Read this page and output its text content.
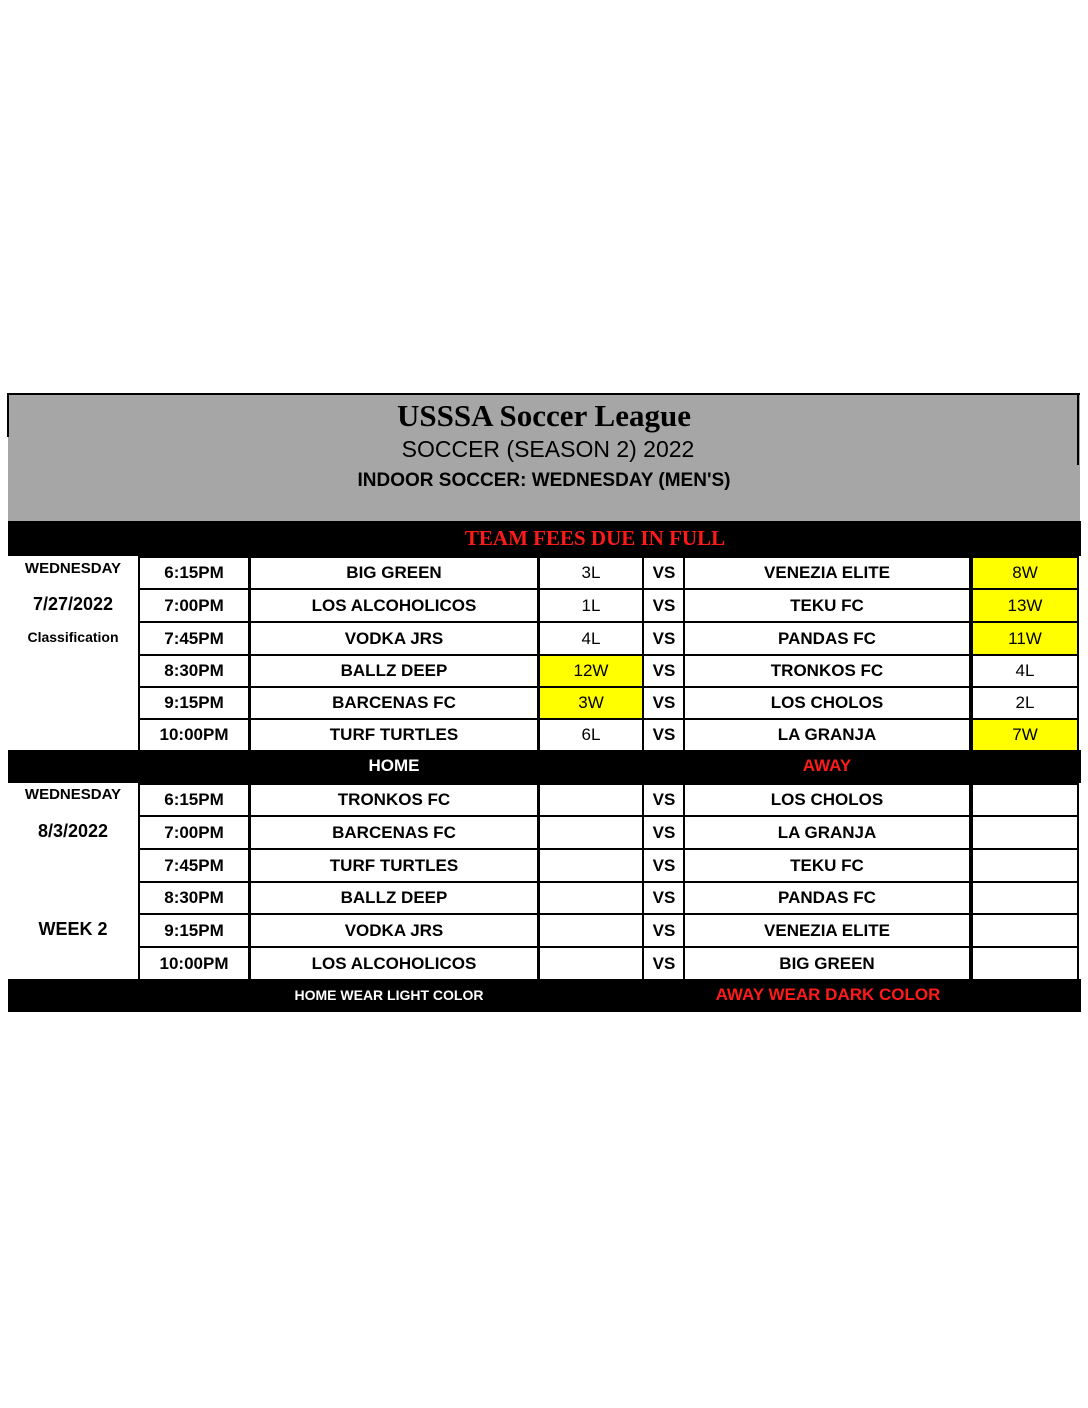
USSSA Soccer League
SOCCER (SEASON 2) 2022
INDOOR SOCCER: WEDNESDAY (MEN'S)
TEAM FEES DUE IN FULL
WEDNESDAY
7/27/2022
Classification
6:15PM	BIG GREEN	3L	VS	VENEZIA ELITE	8W
7:00PM	LOS ALCOHOLICOS	1L	VS	TEKU FC	13W
7:45PM	VODKA JRS	4L	VS	PANDAS FC	11W
8:30PM	BALLZ DEEP	12W	VS	TRONKOS FC	4L
9:15PM	BARCENAS FC	3W	VS	LOS CHOLOS	2L
10:00PM	TURF TURTLES	6L	VS	LA GRANJA	7W
HOME	AWAY
WEDNESDAY
8/3/2022
WEEK 2
6:15PM	TRONKOS FC	VS	LOS CHOLOS
7:00PM	BARCENAS FC	VS	LA GRANJA
7:45PM	TURF TURTLES	VS	TEKU FC
8:30PM	BALLZ DEEP	VS	PANDAS FC
9:15PM	VODKA JRS	VS	VENEZIA ELITE
10:00PM	LOS ALCOHOLICOS	VS	BIG GREEN
HOME WEAR LIGHT COLOR	AWAY WEAR DARK COLOR
